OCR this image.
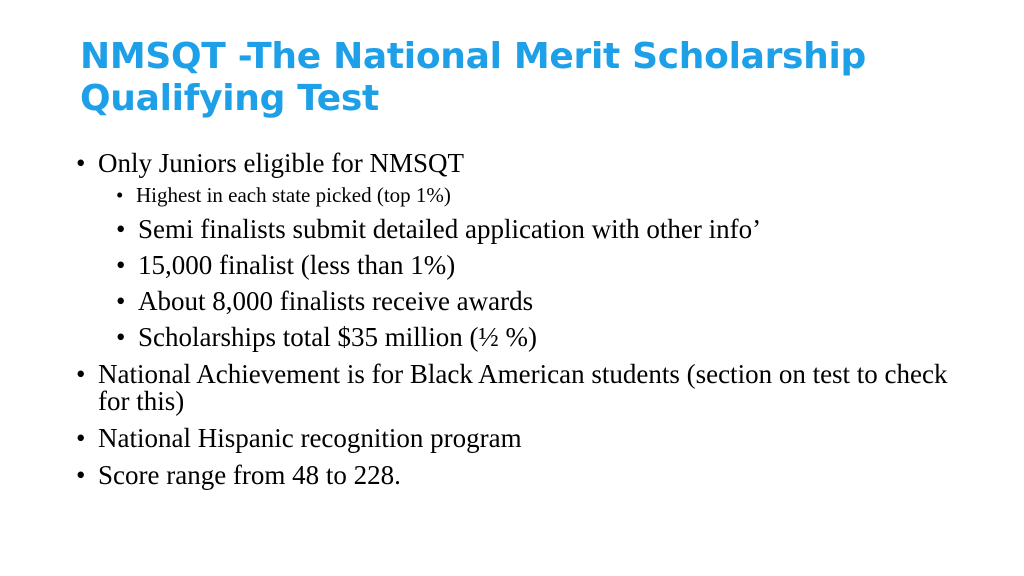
NMSQT -The National Merit Scholarship Qualifying Test
• Only Juniors eligible for NMSQT
• Highest in each state picked (top 1%)
• Semi finalists submit detailed application with other info’
• 15,000 finalist (less than 1%)
• About 8,000 finalists receive awards
• Scholarships total $35 million (½ %)
• National Achievement is for Black American students (section on test to check for this)
• National Hispanic recognition program
• Score range from 48 to 228.
